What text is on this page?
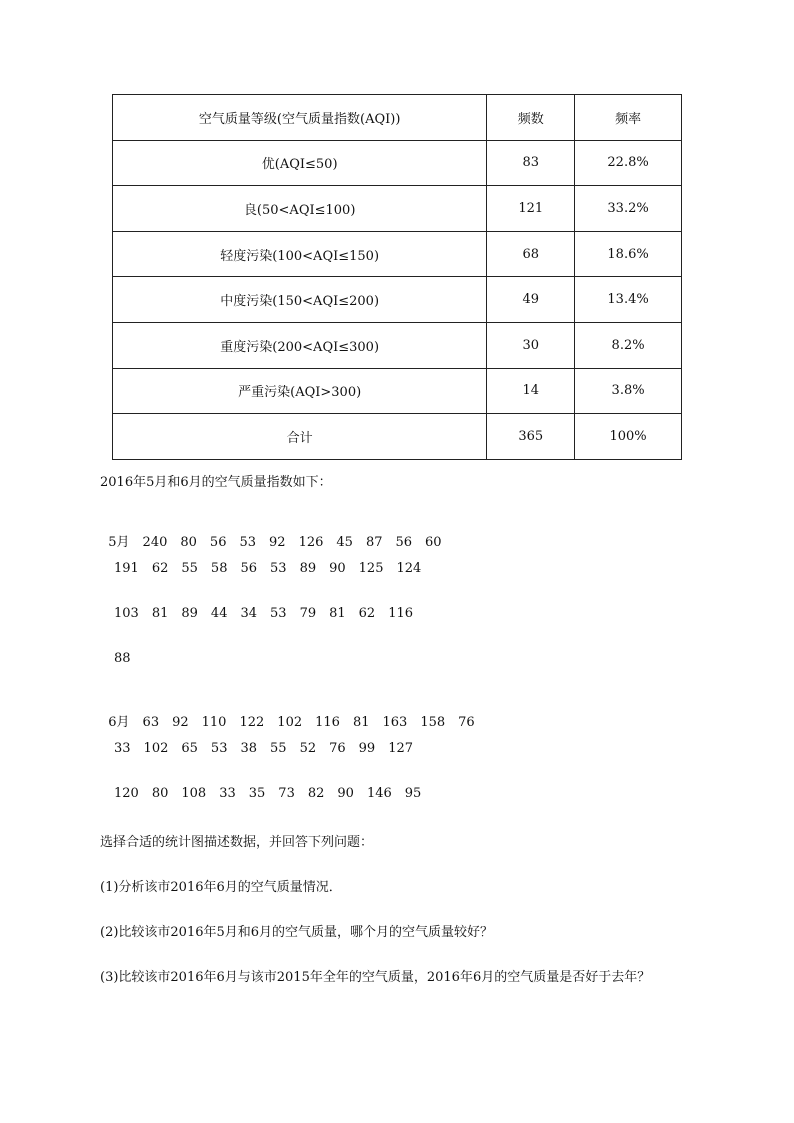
空气质量等级(空气质量指数(AQI))	频数	频率
优(AQI≤50)	83	22.8%
良(50<AQI≤100)	121	33.2%
轻度污染(100<AQI≤150)	68	18.6%
中度污染(150<AQI≤200)	49	13.4%
重度污染(200<AQI≤300)	30	8.2%
严重污染(AQI>300)	14	3.8%
合计	365	100%
2016年5月和6月的空气质量指数如下：

5月 240 80 56 53 92 126 45 87 56 60

191 62 55 58 56 53 89 90 125 124
103 81 89 44 34 53 79 81 62 116
88

6月 63 92 110 122 102 116 81 163 158 76

33 102 65 53 38 55 52 76 99 127
120 80 108 33 35 73 82 90 146 95
选择合适的统计图描述数据，并回答下列问题：
(1)分析该市2016年6月的空气质量情况．
(2)比较该市2016年5月和6月的空气质量，哪个月的空气质量较好？
(3)比较该市2016年6月与该市2015年全年的空气质量，2016年6月的空气质量是否好于去年？
